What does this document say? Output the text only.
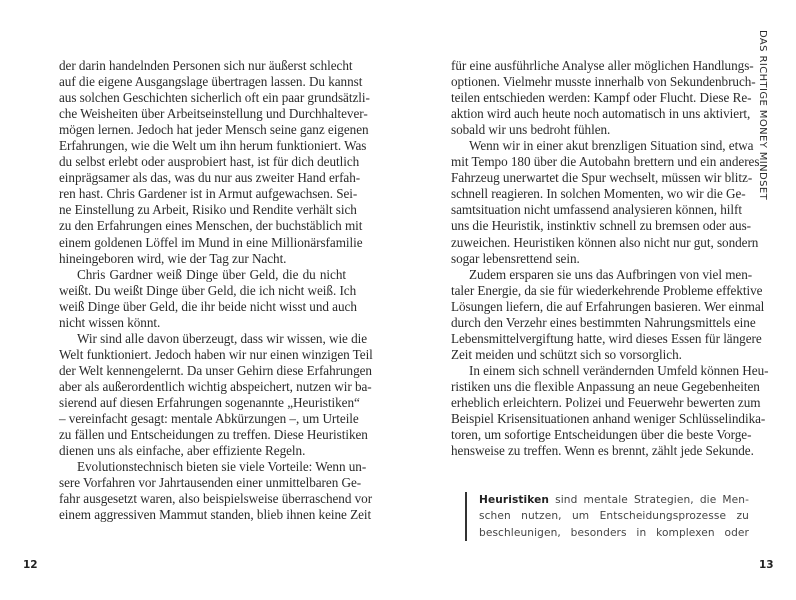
der darin handelnden Personen sich nur äußerst schlecht
auf die eigene Ausgangslage übertragen lassen. Du kannst
aus solchen Geschichten sicherlich oft ein paar grundsätzli-
che Weisheiten über Arbeitseinstellung und Durchhaltever-
mögen lernen. Jedoch hat jeder Mensch seine ganz eigenen
Erfahrungen, wie die Welt um ihn herum funktioniert. Was
du selbst erlebt oder ausprobiert hast, ist für dich deutlich
einprägsamer als das, was du nur aus zweiter Hand erfah-
ren hast. Chris Gardener ist in Armut aufgewachsen. Sei-
ne Einstellung zu Arbeit, Risiko und Rendite verhält sich
zu den Erfahrungen eines Menschen, der buchstäblich mit
einem goldenen Löffel im Mund in eine Millionärsfamilie
hineingeboren wird, wie der Tag zur Nacht.
Chris Gardner weiß Dinge über Geld, die du nicht
weißt. Du weißt Dinge über Geld, die ich nicht weiß. Ich
weiß Dinge über Geld, die ihr beide nicht wisst und auch
nicht wissen könnt.
Wir sind alle davon überzeugt, dass wir wissen, wie die
Welt funktioniert. Jedoch haben wir nur einen winzigen Teil
der Welt kennengelernt. Da unser Gehirn diese Erfahrungen
aber als außerordentlich wichtig abspeichert, nutzen wir ba-
sierend auf diesen Erfahrungen sogenannte „Heuristiken“
– vereinfacht gesagt: mentale Abkürzungen –, um Urteile
zu fällen und Entscheidungen zu treffen. Diese Heuristiken
dienen uns als einfache, aber effiziente Regeln.
Evolutionstechnisch bieten sie viele Vorteile: Wenn un-
sere Vorfahren vor Jahrtausenden einer unmittelbaren Ge-
fahr ausgesetzt waren, also beispielsweise überraschend vor
einem aggressiven Mammut standen, blieb ihnen keine Zeit
12
für eine ausführliche Analyse aller möglichen Handlungs-
optionen. Vielmehr musste innerhalb von Sekundenbruch-
teilen entschieden werden: Kampf oder Flucht. Diese Re-
aktion wird auch heute noch automatisch in uns aktiviert,
sobald wir uns bedroht fühlen.
Wenn wir in einer akut brenzligen Situation sind, etwa
mit Tempo 180 über die Autobahn brettern und ein anderes
Fahrzeug unerwartet die Spur wechselt, müssen wir blitz-
schnell reagieren. In solchen Momenten, wo wir die Ge-
samtsituation nicht umfassend analysieren können, hilft
uns die Heuristik, instinktiv schnell zu bremsen oder aus-
zuweichen. Heuristiken können also nicht nur gut, sondern
sogar lebensrettend sein.
Zudem ersparen sie uns das Aufbringen von viel men-
taler Energie, da sie für wiederkehrende Probleme effektive
Lösungen liefern, die auf Erfahrungen basieren. Wer einmal
durch den Verzehr eines bestimmten Nahrungsmittels eine
Lebensmittelvergiftung hatte, wird dieses Essen für längere
Zeit meiden und schützt sich so vorsorglich.
In einem sich schnell verändernden Umfeld können Heu-
ristiken uns die flexible Anpassung an neue Gegebenheiten
erheblich erleichtern. Polizei und Feuerwehr bewerten zum
Beispiel Krisensituationen anhand weniger Schlüsselindika-
toren, um sofortige Entscheidungen über die beste Vorge-
hensweise zu treffen. Wenn es brennt, zählt jede Sekunde.
Heuristiken sind mentale Strategien, die Men-
schen nutzen, um Entscheidungsprozesse zu
beschleunigen, besonders in komplexen oder
DAS RICHTIGE MONEY MINDSET
13
